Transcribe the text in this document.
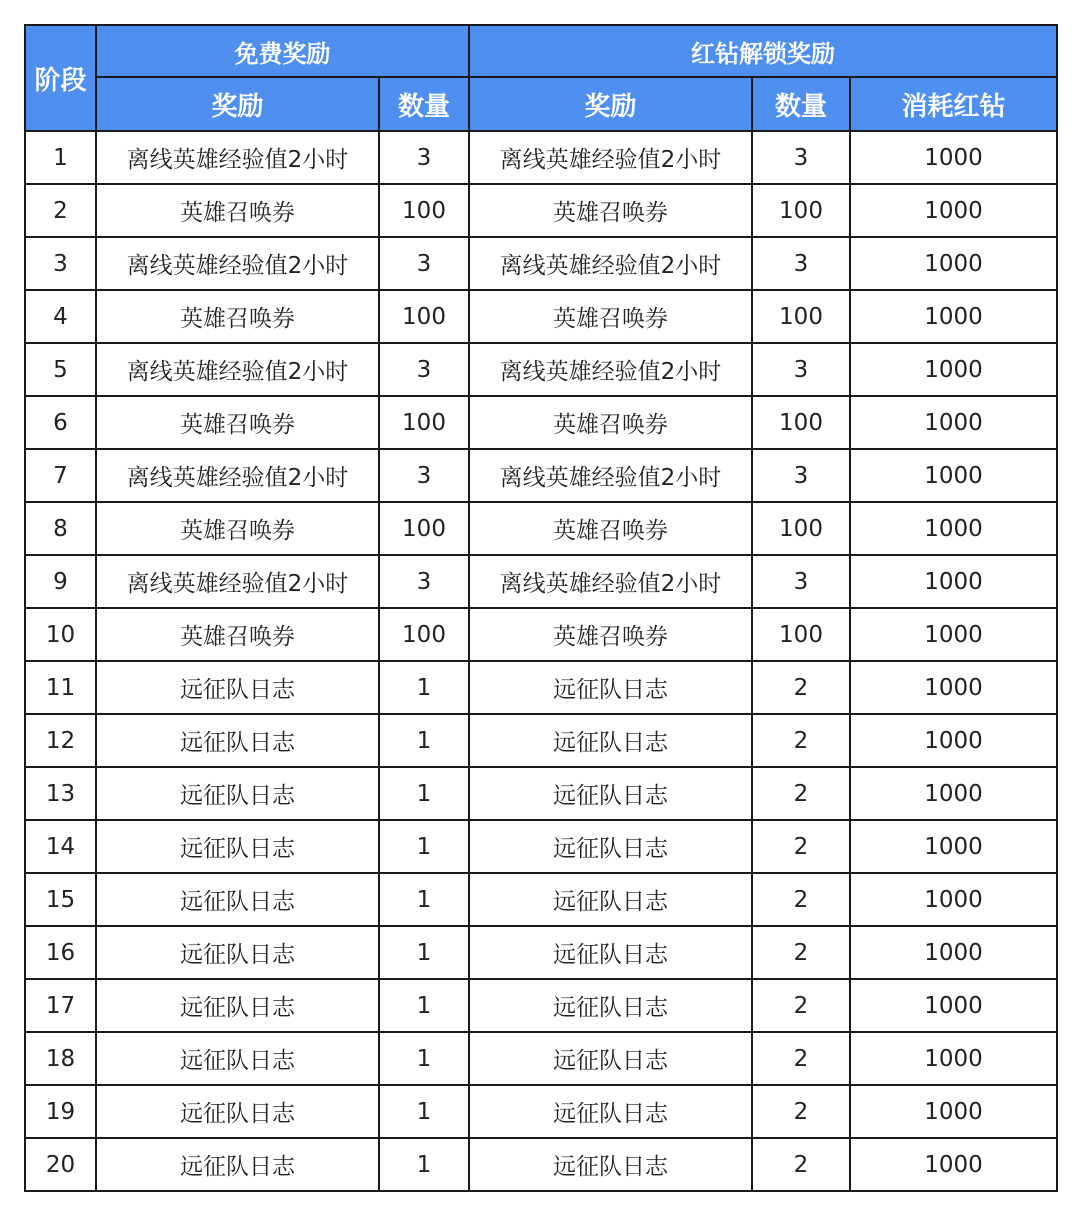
阶段	免费奖励		红钻解锁奖励		
	奖励	数量	奖励	数量	消耗红钻
1	离线英雄经验值2小时	3	离线英雄经验值2小时	3	1000
2	英雄召唤券	100	英雄召唤券	100	1000
3	离线英雄经验值2小时	3	离线英雄经验值2小时	3	1000
4	英雄召唤券	100	英雄召唤券	100	1000
5	离线英雄经验值2小时	3	离线英雄经验值2小时	3	1000
6	英雄召唤券	100	英雄召唤券	100	1000
7	离线英雄经验值2小时	3	离线英雄经验值2小时	3	1000
8	英雄召唤券	100	英雄召唤券	100	1000
9	离线英雄经验值2小时	3	离线英雄经验值2小时	3	1000
10	英雄召唤券	100	英雄召唤券	100	1000
11	远征队日志	1	远征队日志	2	1000
12	远征队日志	1	远征队日志	2	1000
13	远征队日志	1	远征队日志	2	1000
14	远征队日志	1	远征队日志	2	1000
15	远征队日志	1	远征队日志	2	1000
16	远征队日志	1	远征队日志	2	1000
17	远征队日志	1	远征队日志	2	1000
18	远征队日志	1	远征队日志	2	1000
19	远征队日志	1	远征队日志	2	1000
20	远征队日志	1	远征队日志	2	1000
